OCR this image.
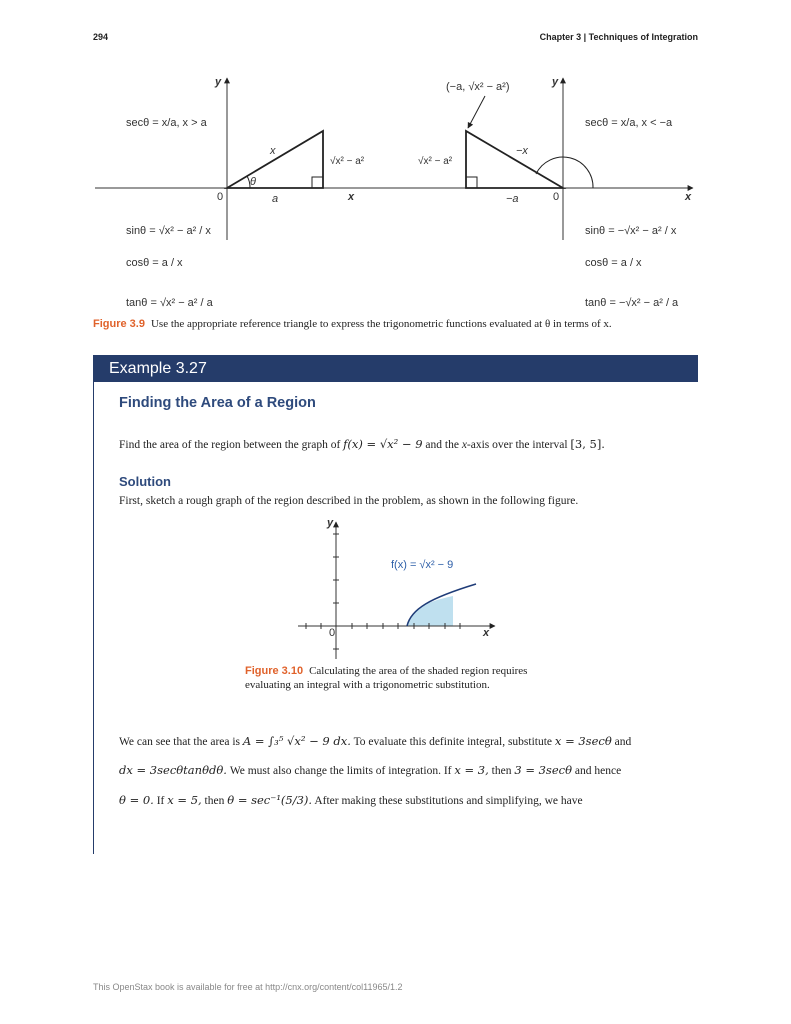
294	Chapter 3 | Techniques of Integration
y
secθ = x/a, x > a
x
√x² − a²
θ
0	a	x
sinθ = √x² − a² / x
cosθ = a / x
tanθ = √x² − a² / a
(−a, √x² − a²)	y
secθ = x/a, x < −a
−x
√x² − a²
−a	0	x
sinθ = −√x² − a² / x
cosθ = a / x
tanθ = −√x² − a² / a
Figure 3.9 Use the appropriate reference triangle to express the trigonometric functions evaluated at θ in terms of x.
Example 3.27
Finding the Area of a Region
Find the area of the region between the graph of f(x) = √x² − 9 and the x-axis over the interval [3, 5].
Solution
First, sketch a rough graph of the region described in the problem, as shown in the following figure.
y
x
0
f(x) = √x² − 9
Figure 3.10 Calculating the area of the shaded region requires evaluating an integral with a trigonometric substitution.
We can see that the area is A = ∫₃⁵ √x² − 9 dx. To evaluate this definite integral, substitute x = 3secθ and
dx = 3secθtanθdθ. We must also change the limits of integration. If x = 3, then 3 = 3secθ and hence
θ = 0. If x = 5, then θ = sec⁻¹(5/3). After making these substitutions and simplifying, we have
This OpenStax book is available for free at http://cnx.org/content/col11965/1.2
